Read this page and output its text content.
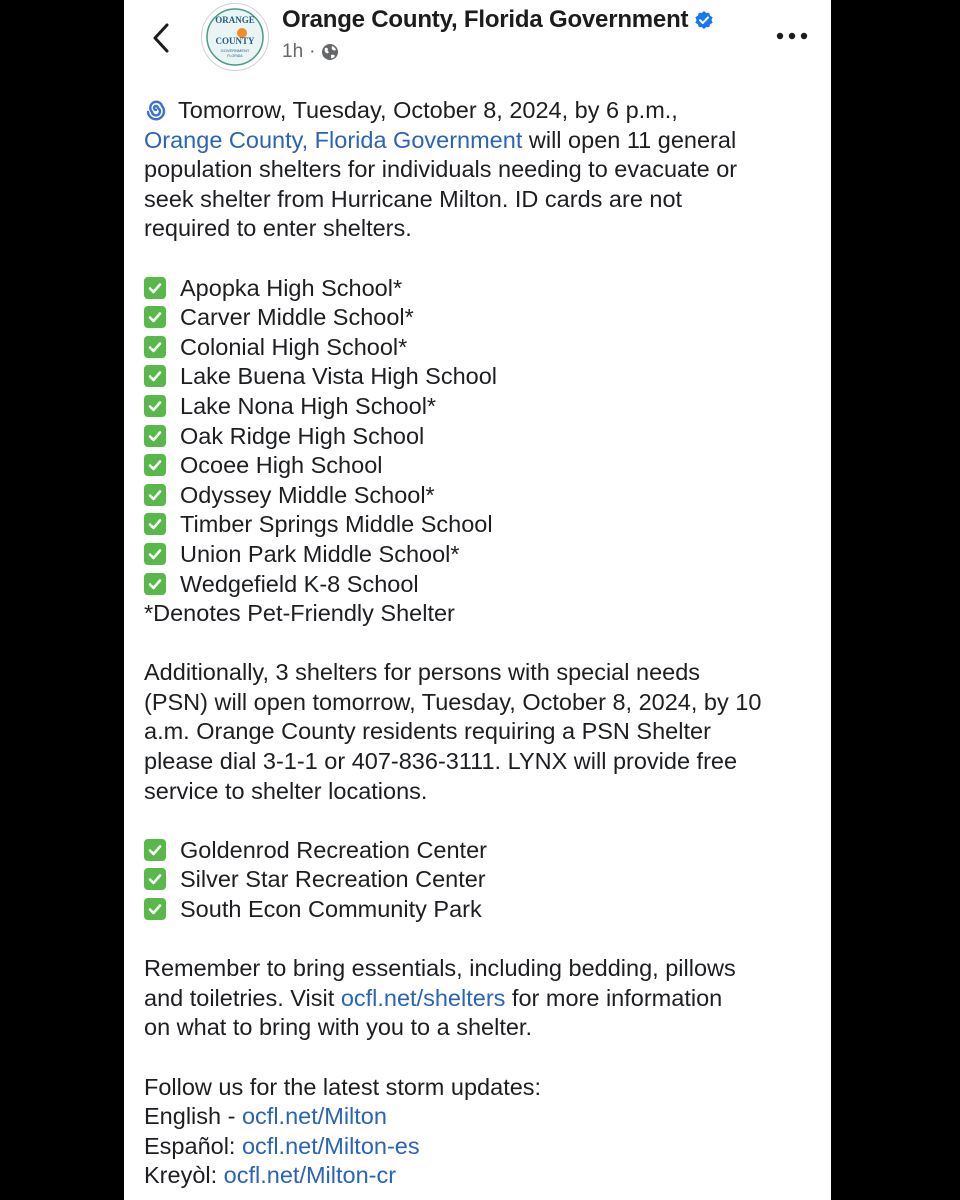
ORANGE
COUNTY
GOVERNMENT
FLORIDA
Orange County, Florida Government
1h ·
Tomorrow, Tuesday, October 8, 2024, by 6 p.m.,
Orange County, Florida Government will open 11 general
population shelters for individuals needing to evacuate or
seek shelter from Hurricane Milton. ID cards are not
required to enter shelters.
Apopka High School*
Carver Middle School*
Colonial High School*
Lake Buena Vista High School
Lake Nona High School*
Oak Ridge High School
Ocoee High School
Odyssey Middle School*
Timber Springs Middle School
Union Park Middle School*
Wedgefield K-8 School
*Denotes Pet-Friendly Shelter
Additionally, 3 shelters for persons with special needs
(PSN) will open tomorrow, Tuesday, October 8, 2024, by 10
a.m. Orange County residents requiring a PSN Shelter
please dial 3-1-1 or 407-836-3111. LYNX will provide free
service to shelter locations.
Goldenrod Recreation Center
Silver Star Recreation Center
South Econ Community Park
Remember to bring essentials, including bedding, pillows
and toiletries. Visit ocfl.net/shelters for more information
on what to bring with you to a shelter.
Follow us for the latest storm updates:
English - ocfl.net/Milton
Español: ocfl.net/Milton-es
Kreyòl: ocfl.net/Milton-cr
